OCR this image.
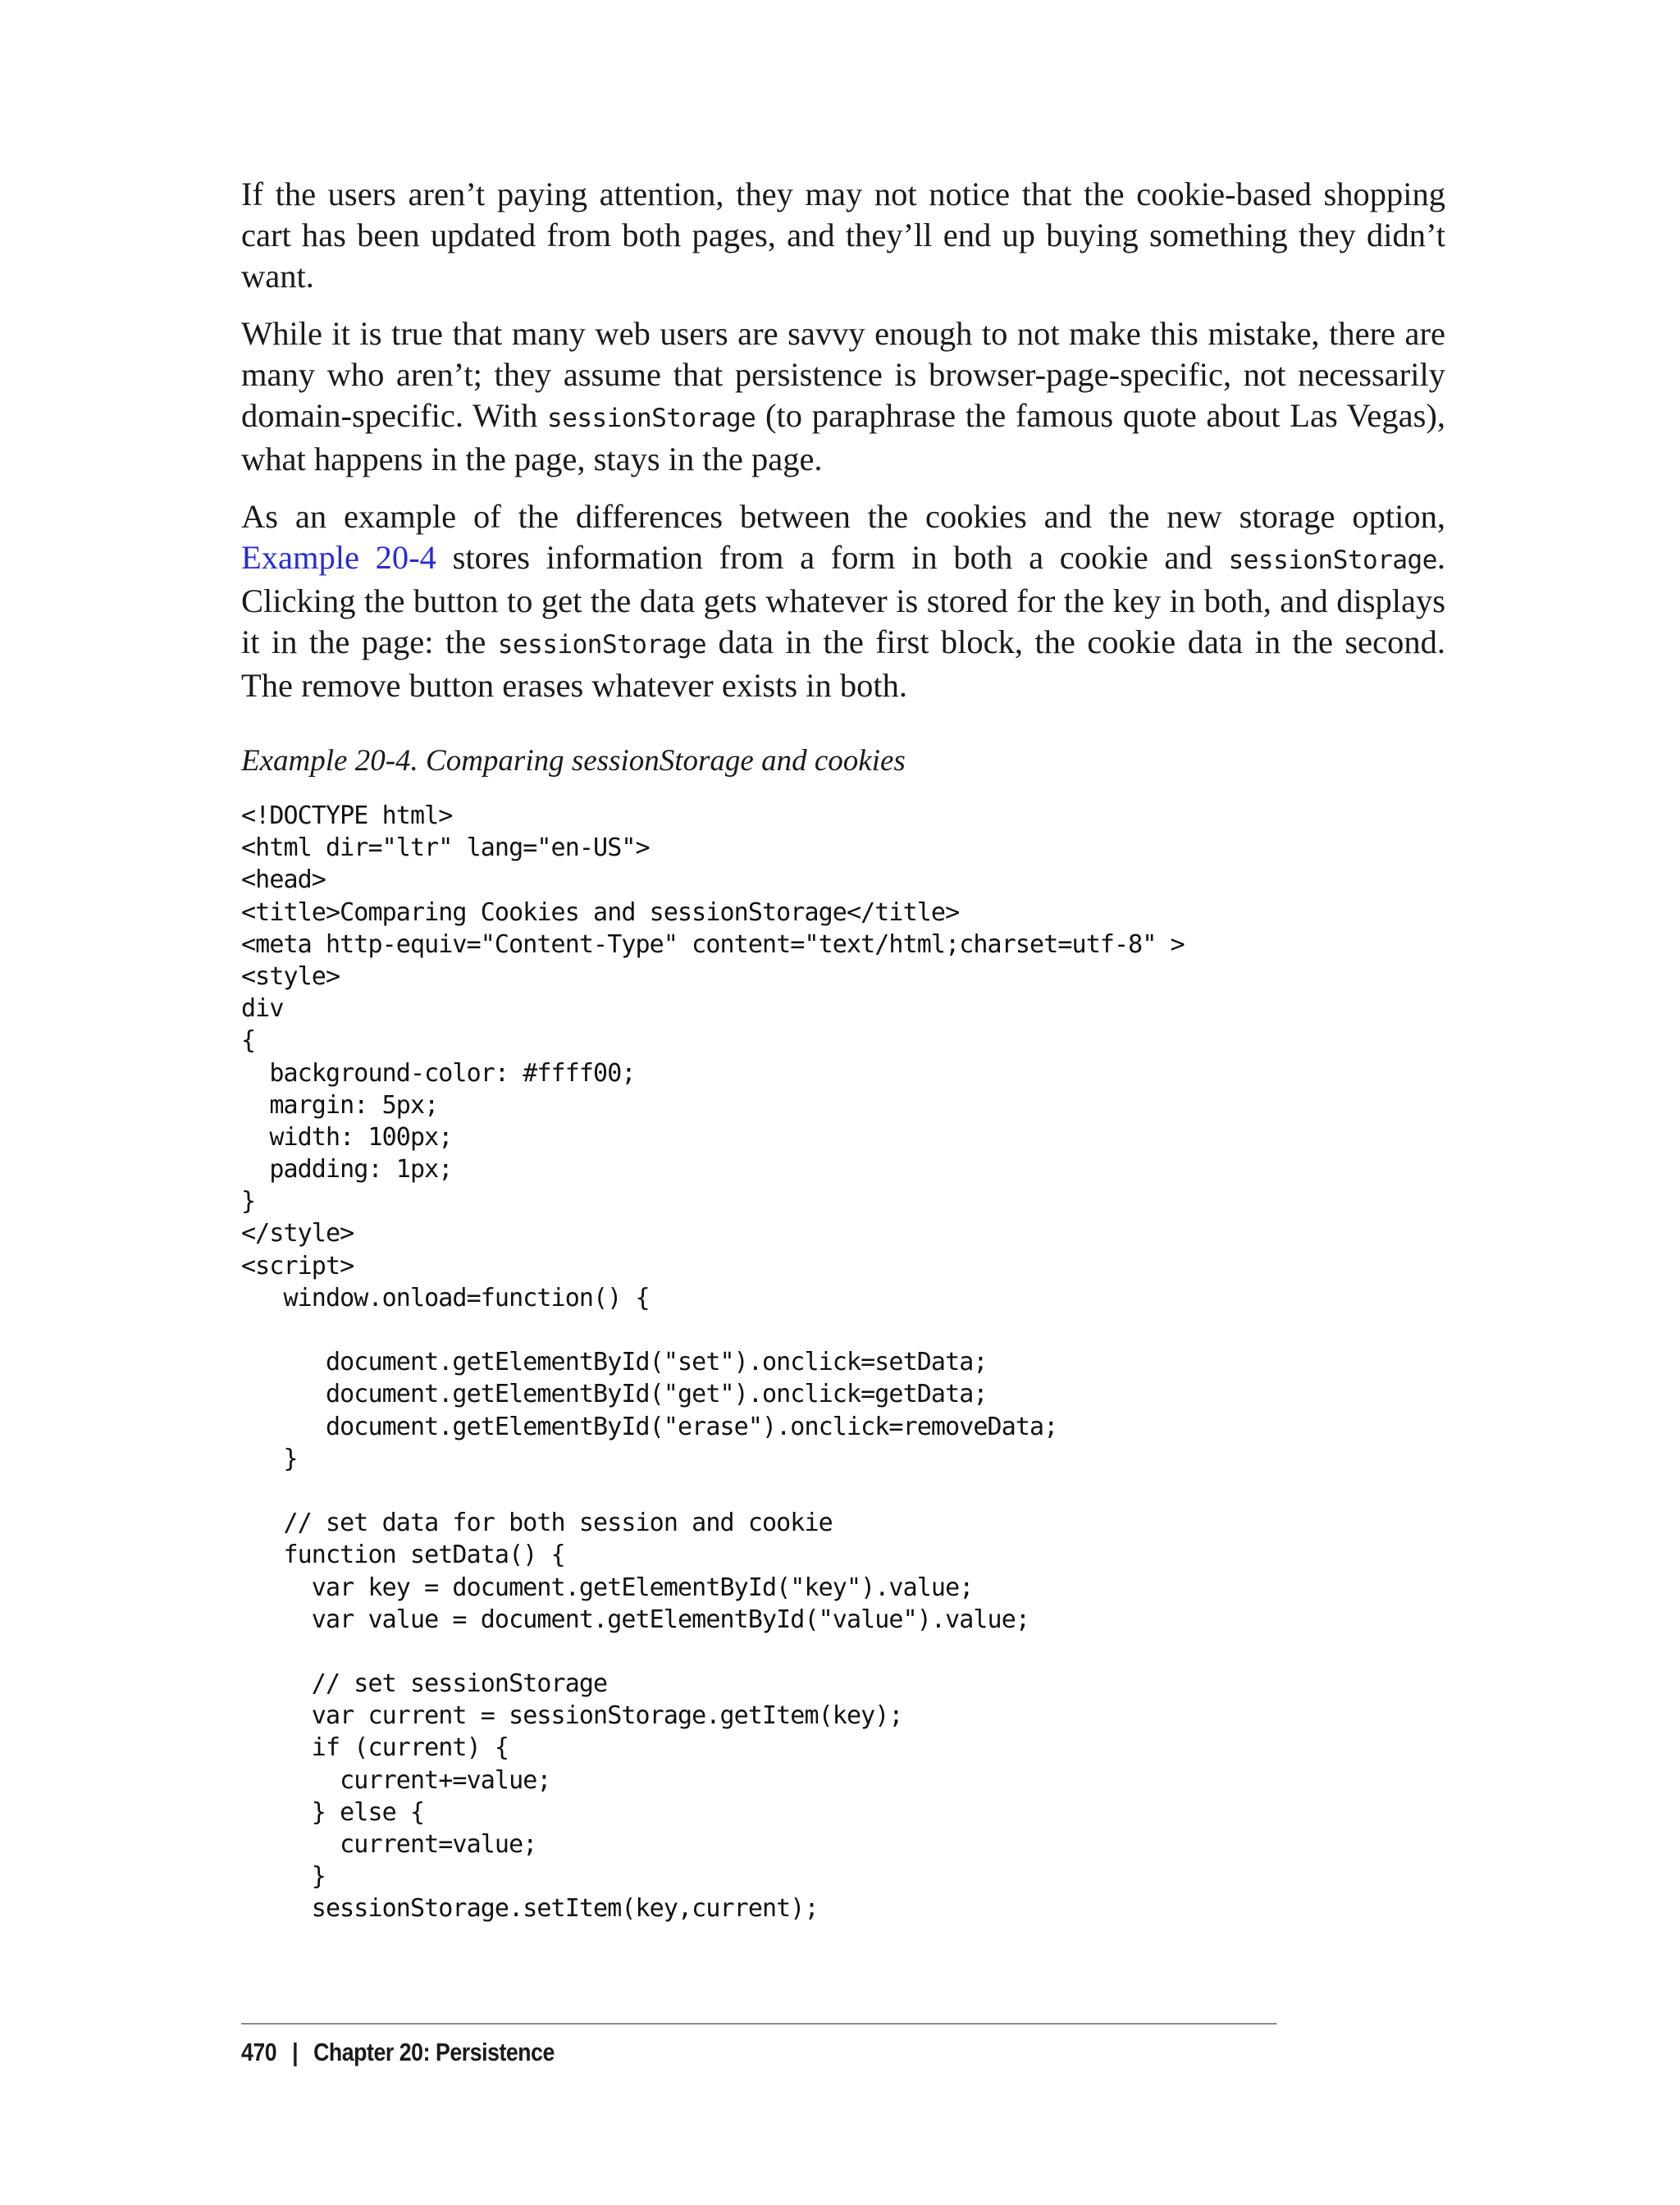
If the users aren’t paying attention, they may not notice that the cookie-based shopping cart has been updated from both pages, and they’ll end up buying something they didn’t want.

While it is true that many web users are savvy enough to not make this mistake, there are many who aren’t; they assume that persistence is browser-page-specific, not necessarily domain-specific. With sessionStorage (to paraphrase the famous quote about Las Vegas), what happens in the page, stays in the page.

As an example of the differences between the cookies and the new storage option, Example 20-4 stores information from a form in both a cookie and sessionStorage. Clicking the button to get the data gets whatever is stored for the key in both, and displays it in the page: the sessionStorage data in the first block, the cookie data in the second. The remove button erases whatever exists in both.

Example 20-4. Comparing sessionStorage and cookies
<!DOCTYPE html>
<html dir="ltr" lang="en-US">
<head>
<title>Comparing Cookies and sessionStorage</title>
<meta http-equiv="Content-Type" content="text/html;charset=utf-8" >
<style>
div
{
background-color: #ffff00;
margin: 5px;
width: 100px;
padding: 1px;
}
</style>
<script>
window.onload=function() {
document.getElementById("set").onclick=setData;
document.getElementById("get").onclick=getData;
document.getElementById("erase").onclick=removeData;
}
// set data for both session and cookie
function setData() {
var key = document.getElementById("key").value;
var value = document.getElementById("value").value;
// set sessionStorage
var current = sessionStorage.getItem(key);
if (current) {
current+=value;
} else {
current=value;
}
sessionStorage.setItem(key,current);
470 | Chapter 20: Persistence
